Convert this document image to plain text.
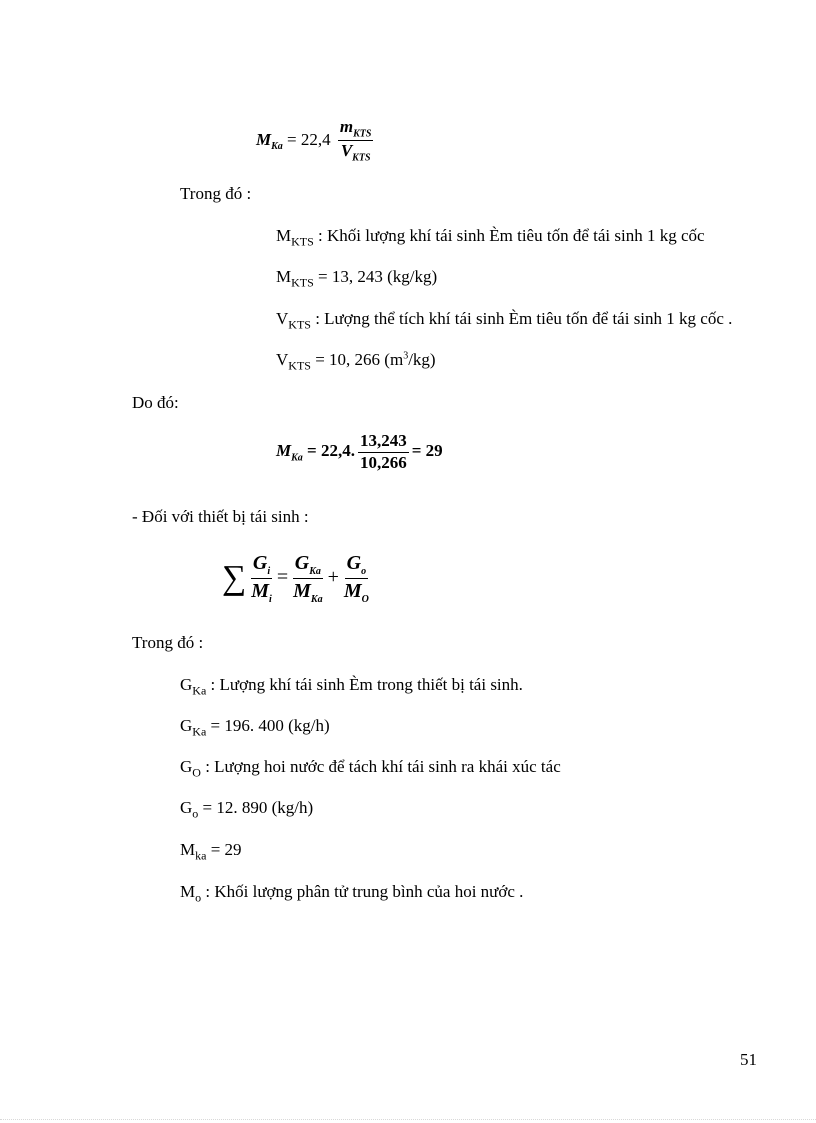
$M_{Ka} = 22,4 \frac{m_{KTS}}{V_{KTS}}$
Trong đó :
$M_{KTS}$ : Khối lượng khí tái sinh Èm tiêu tốn để tái sinh 1 kg cốc
$M_{KTS} = 13$, 243 (kg/kg)
$V_{KTS}$ : Lượng thể tích khí tái sinh Èm tiêu tốn để tái sinh 1 kg cốc .
$V_{KTS} = 10$, 266 $(m^3/kg)$
Do đó:
$M_{Ka} = 22,4$. $\frac{13,243}{10,266} = 29$
- Đối với thiết bị tái sinh :
∑ $\frac{G_i}{M_i} = \frac{G_{Ka}}{M_{Ka}} + \frac{G_o}{M_O}$
Trong đó :
$G_{Ka}$ : Lượng khí tái sinh Èm trong thiết bị tái sinh.
$G_{Ka} = 196$. 400 (kg/h)
$G_O$ : Lượng hoi nước để tách khí tái sinh ra khái xúc tác
$G_o = 12$. 890 (kg/h)
$M_{ka} = 29$
$M_o$ : Khối lượng phân tử trung bình của hoi nước .
51
